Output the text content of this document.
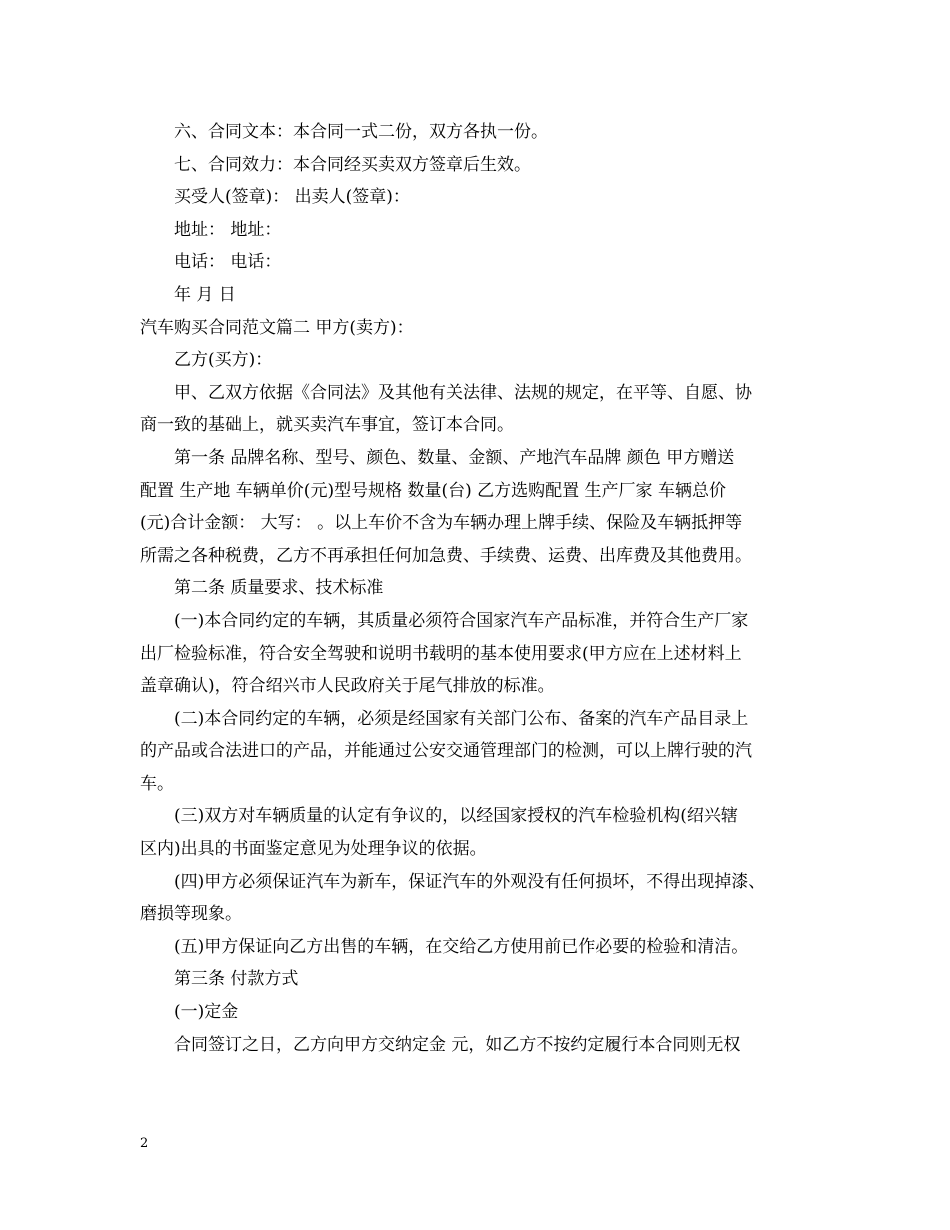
六、合同文本：本合同一式二份，双方各执一份。

七、合同效力：本合同经买卖双方签章后生效。

买受人(签章)： 出卖人(签章)：

地址： 地址：

电话： 电话：

年 月 日

汽车购买合同范文篇二 甲方(卖方)：

乙方(买方)：

甲、乙双方依据《合同法》及其他有关法律、法规的规定，在平等、自愿、协

商一致的基础上，就买卖汽车事宜，签订本合同。

第一条 品牌名称、型号、颜色、数量、金额、产地汽车品牌 颜色 甲方赠送

配置 生产地 车辆单价(元)型号规格 数量(台) 乙方选购配置 生产厂家 车辆总价

(元)合计金额： 大写： 。以上车价不含为车辆办理上牌手续、保险及车辆抵押等

所需之各种税费，乙方不再承担任何加急费、手续费、运费、出库费及其他费用。

第二条 质量要求、技术标准

(一)本合同约定的车辆，其质量必须符合国家汽车产品标准，并符合生产厂家

出厂检验标准，符合安全驾驶和说明书载明的基本使用要求(甲方应在上述材料上

盖章确认)，符合绍兴市人民政府关于尾气排放的标准。

(二)本合同约定的车辆，必须是经国家有关部门公布、备案的汽车产品目录上

的产品或合法进口的产品，并能通过公安交通管理部门的检测，可以上牌行驶的汽

车。

(三)双方对车辆质量的认定有争议的，以经国家授权的汽车检验机构(绍兴辖

区内)出具的书面鉴定意见为处理争议的依据。

(四)甲方必须保证汽车为新车，保证汽车的外观没有任何损坏，不得出现掉漆、

磨损等现象。

(五)甲方保证向乙方出售的车辆，在交给乙方使用前已作必要的检验和清洁。

第三条 付款方式

(一)定金

合同签订之日，乙方向甲方交纳定金 元，如乙方不按约定履行本合同则无权

2
